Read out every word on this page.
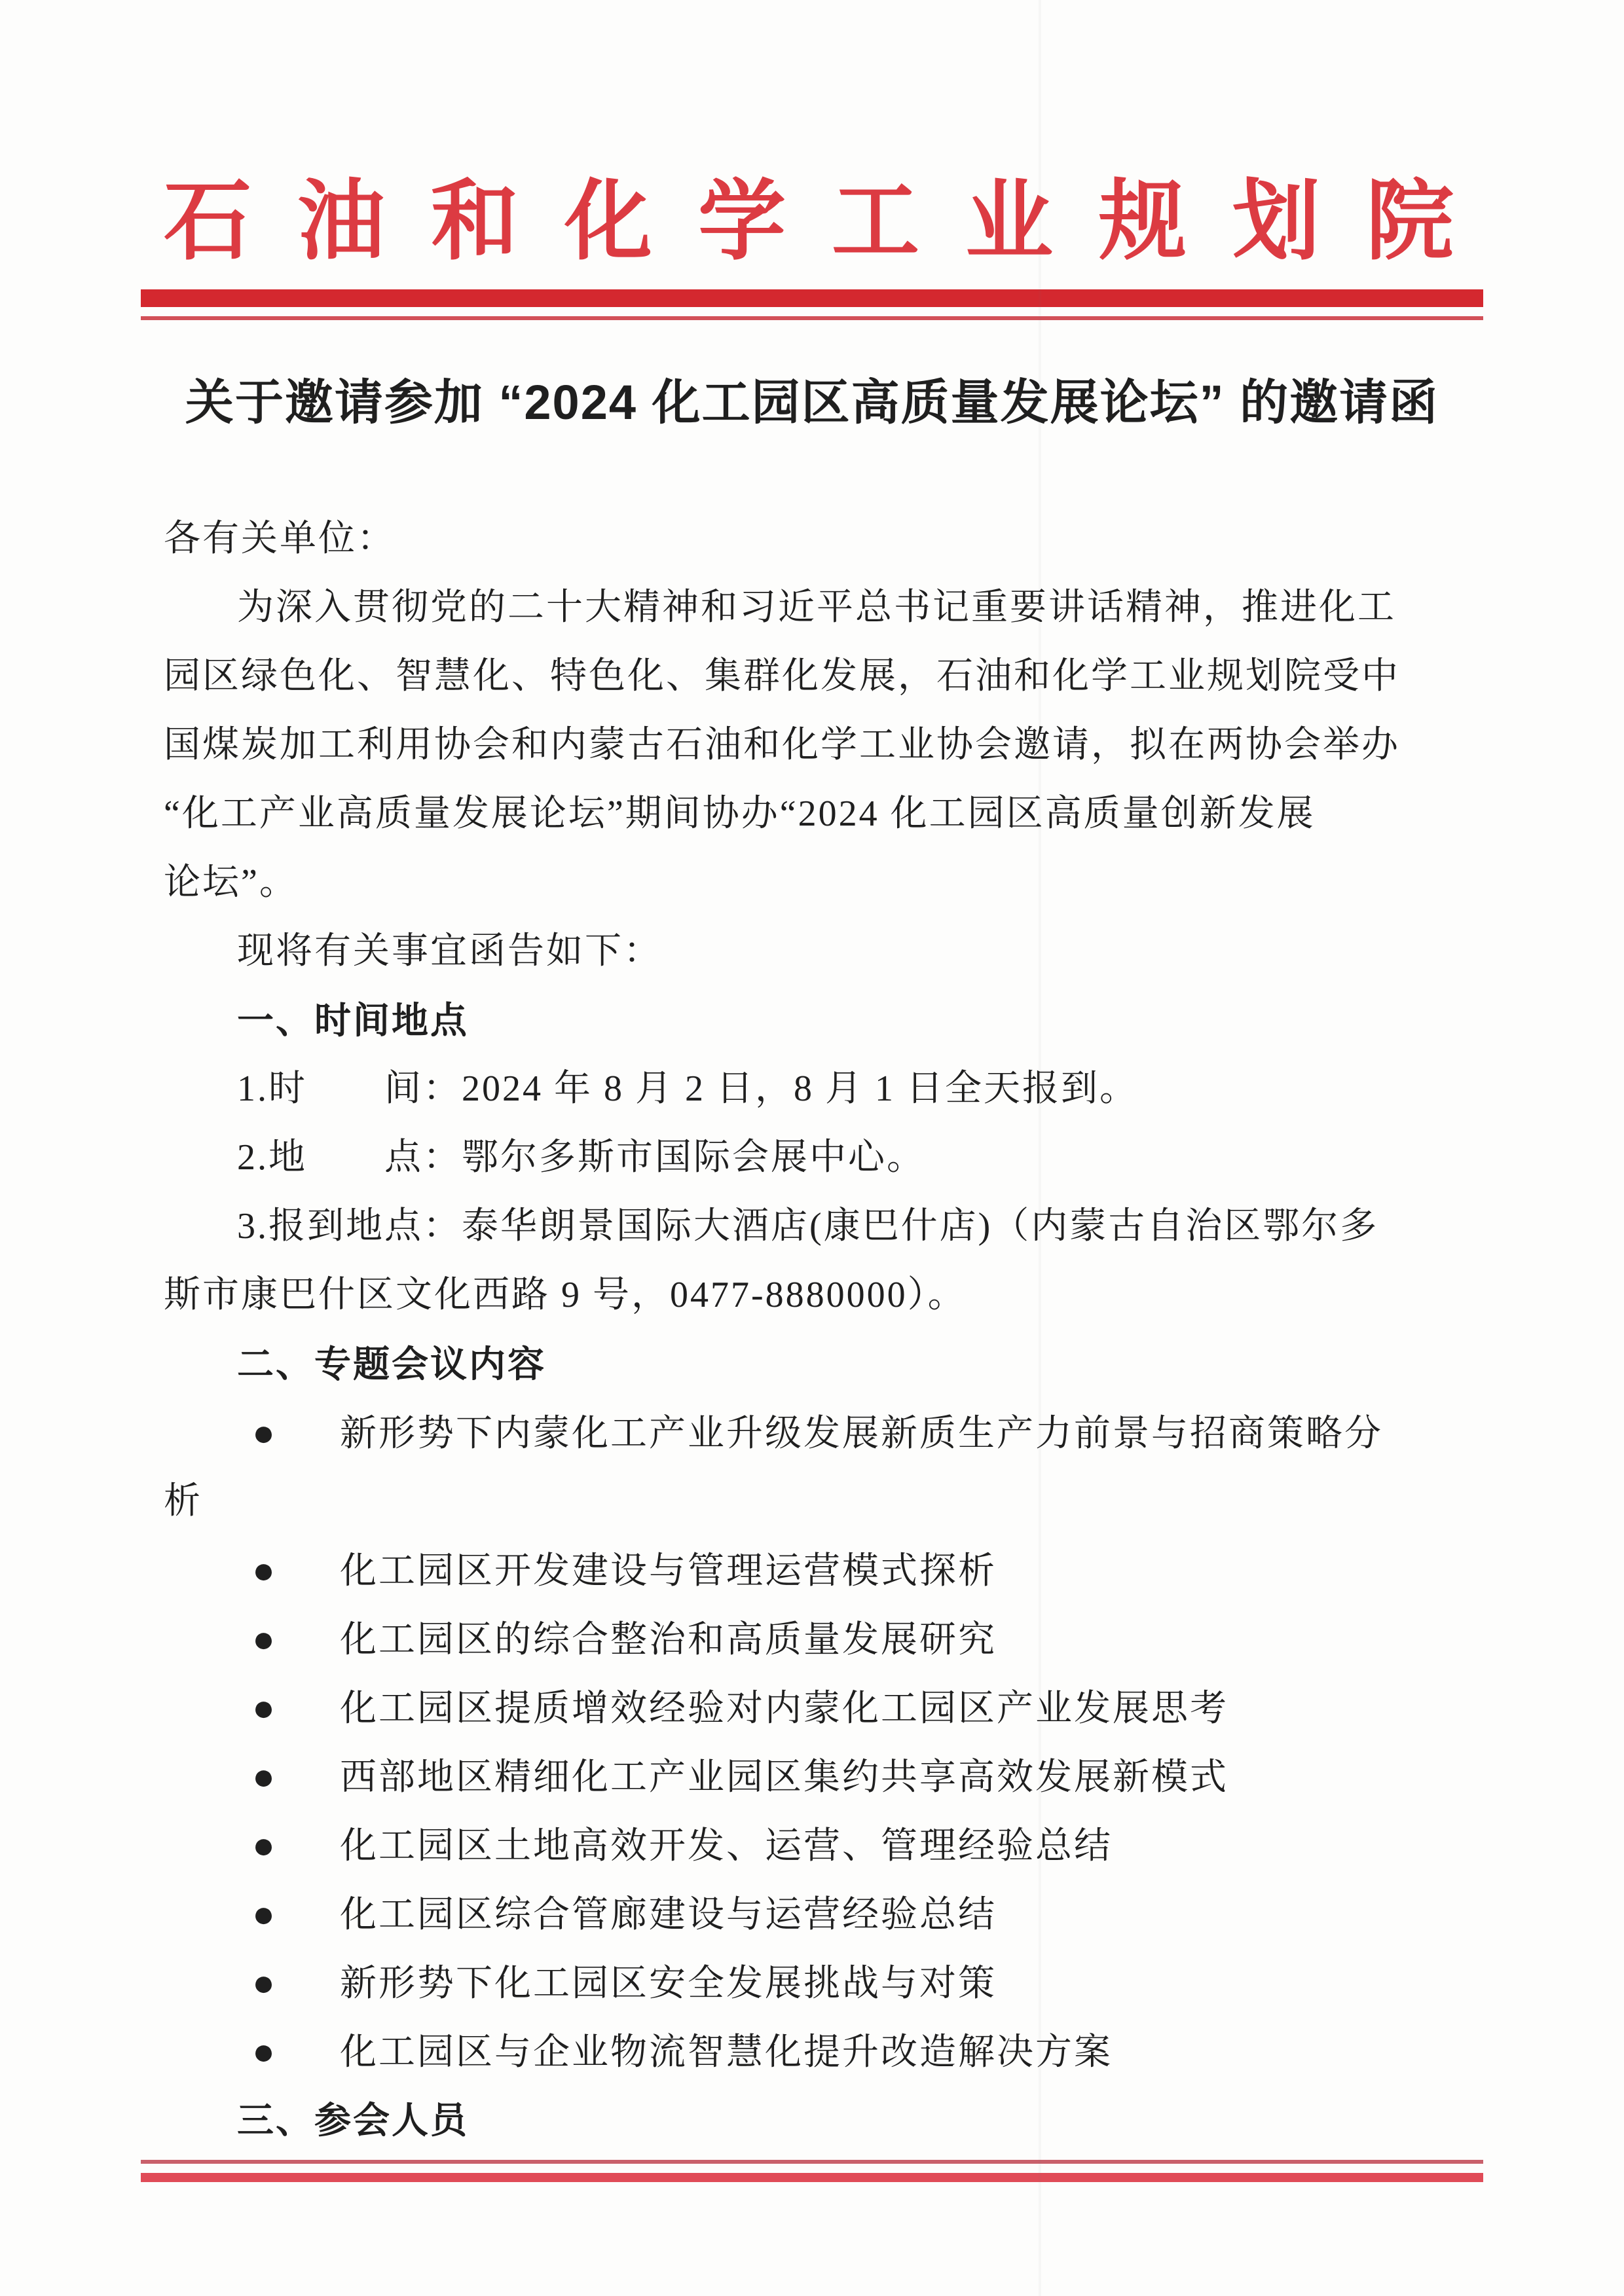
石油和化学工业规划院
关于邀请参加 “2024 化工园区高质量发展论坛” 的邀请函
各有关单位：
为深入贯彻党的二十大精神和习近平总书记重要讲话精神，推进化工
园区绿色化、智慧化、特色化、集群化发展，石油和化学工业规划院受中
国煤炭加工利用协会和内蒙古石油和化学工业协会邀请，拟在两协会举办
“化工产业高质量发展论坛”期间协办“2024 化工园区高质量创新发展
论坛”。
现将有关事宜函告如下：
一、时间地点
1.时　　间：2024 年 8 月 2 日，8 月 1 日全天报到。
2.地　　点：鄂尔多斯市国际会展中心。
3.报到地点：泰华朗景国际大酒店(康巴什店)（内蒙古自治区鄂尔多
斯市康巴什区文化西路 9 号，0477-8880000）。
二、专题会议内容
● 新形势下内蒙化工产业升级发展新质生产力前景与招商策略分
析
● 化工园区开发建设与管理运营模式探析
● 化工园区的综合整治和高质量发展研究
● 化工园区提质增效经验对内蒙化工园区产业发展思考
● 西部地区精细化工产业园区集约共享高效发展新模式
● 化工园区土地高效开发、运营、管理经验总结
● 化工园区综合管廊建设与运营经验总结
● 新形势下化工园区安全发展挑战与对策
● 化工园区与企业物流智慧化提升改造解决方案
三、参会人员
